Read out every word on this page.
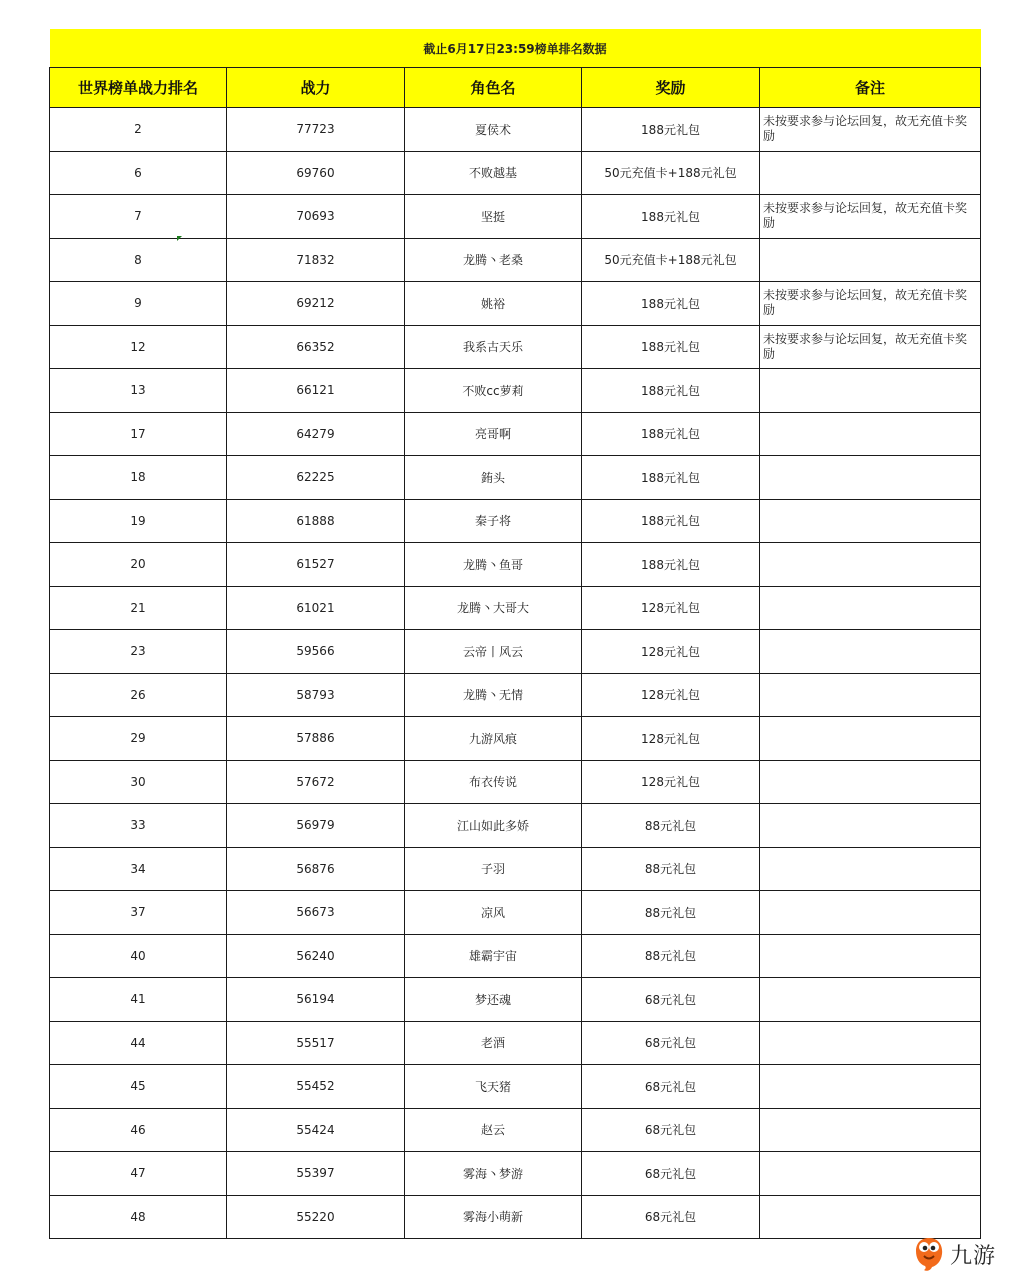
截止6月17日23:59榜单排名数据				
世界榜单战力排名	战力	角色名	奖励	备注
2	77723	夏侯术	188元礼包	未按要求参与论坛回复，故无充值卡奖励
6	69760	不败越基	50元充值卡+188元礼包	
7	70693	坚挺	188元礼包	未按要求参与论坛回复，故无充值卡奖励
8	71832	龙腾丶老桑	50元充值卡+188元礼包	
9	69212	姚裕	188元礼包	未按要求参与论坛回复，故无充值卡奖励
12	66352	我系古天乐	188元礼包	未按要求参与论坛回复，故无充值卡奖励
13	66121	不败cc萝莉	188元礼包	
17	64279	亮哥啊	188元礼包	
18	62225	銪头	188元礼包	
19	61888	秦子将	188元礼包	
20	61527	龙腾丶鱼哥	188元礼包	
21	61021	龙腾丶大哥大	128元礼包	
23	59566	云帝丨风云	128元礼包	
26	58793	龙腾丶无情	128元礼包	
29	57886	九游风痕	128元礼包	
30	57672	布衣传说	128元礼包	
33	56979	江山如此多娇	88元礼包	
34	56876	子羽	88元礼包	
37	56673	凉风	88元礼包	
40	56240	雄霸宇宙	88元礼包	
41	56194	梦还魂	68元礼包	
44	55517	老酒	68元礼包	
45	55452	飞天猪	68元礼包	
46	55424	赵云	68元礼包	
47	55397	雾海丶梦游	68元礼包	
48	55220	雾海小萌新	68元礼包	
九游
